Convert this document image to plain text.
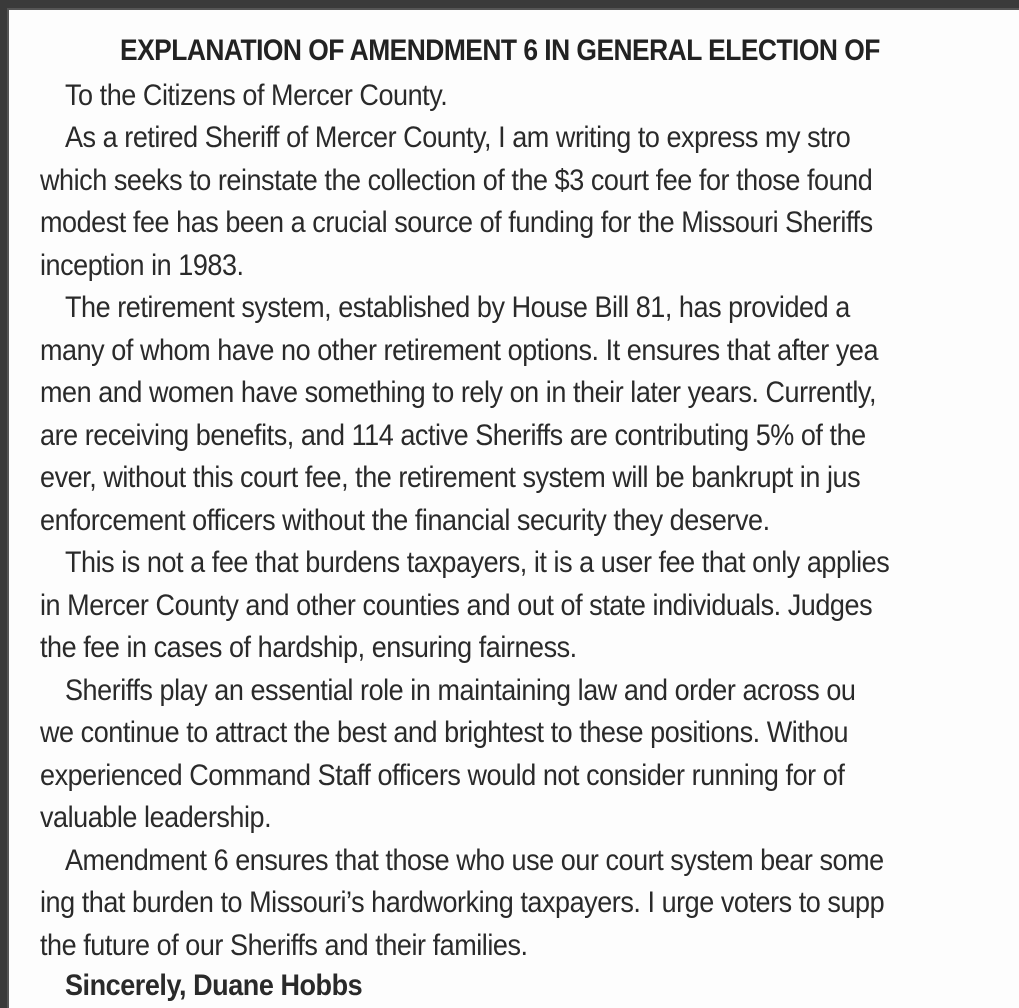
EXPLANATION OF AMENDMENT 6 IN GENERAL ELECTION OF
To the Citizens of Mercer County.
As a retired Sheriff of Mercer County, I am writing to express my stro
which seeks to reinstate the collection of the $3 court fee for those found
modest fee has been a crucial source of funding for the Missouri Sheriffs
inception in 1983.
The retirement system, established by House Bill 81, has provided a
many of whom have no other retirement options. It ensures that after yea
men and women have something to rely on in their later years. Currently,
are receiving benefits, and 114 active Sheriffs are contributing 5% of the
ever, without this court fee, the retirement system will be bankrupt in jus
enforcement officers without the financial security they deserve.
This is not a fee that burdens taxpayers, it is a user fee that only applies
in Mercer County and other counties and out of state individuals. Judges
the fee in cases of hardship, ensuring fairness.
Sheriffs play an essential role in maintaining law and order across ou
we continue to attract the best and brightest to these positions. Withou
experienced Command Staff officers would not consider running for of
valuable leadership.
Amendment 6 ensures that those who use our court system bear some
ing that burden to Missouri’s hardworking taxpayers. I urge voters to supp
the future of our Sheriffs and their families.
Sincerely, Duane Hobbs
